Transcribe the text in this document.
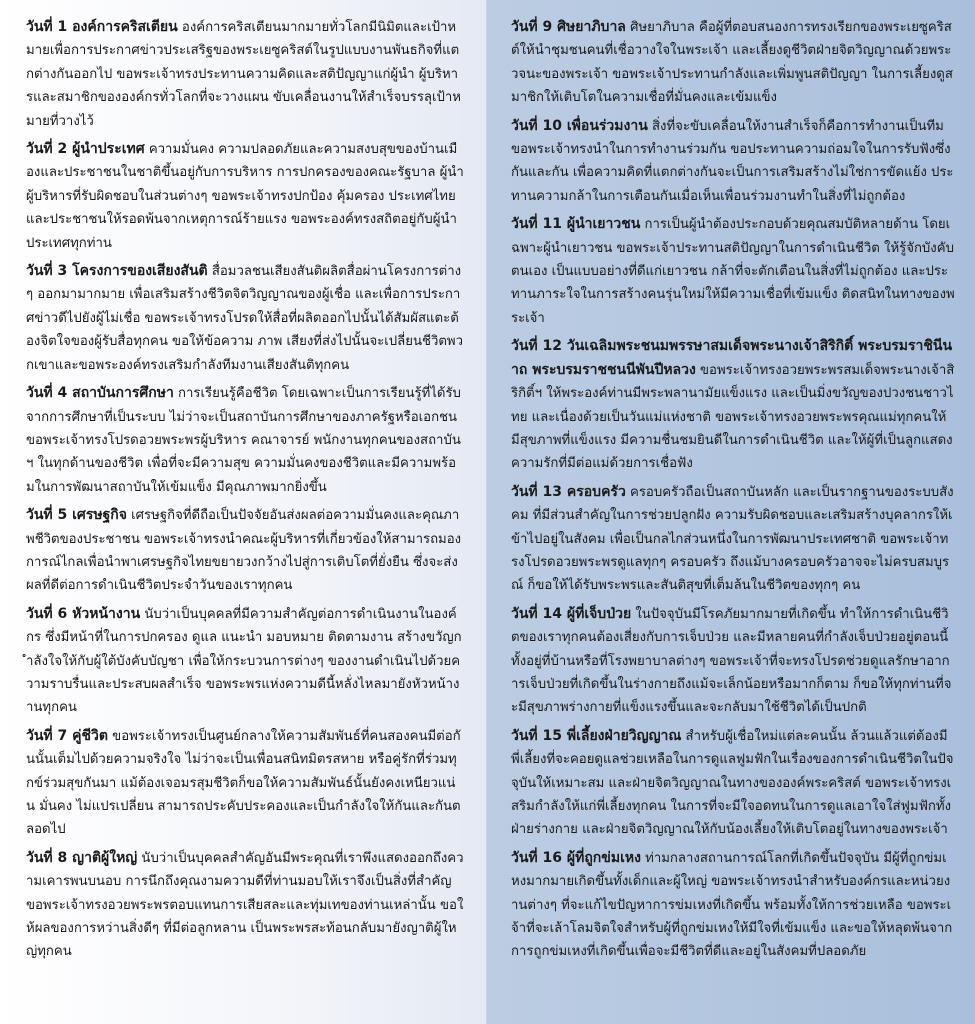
วันที่ 1 องค์การคริสเตียน องค์การคริสเตียนมากมายทั่วโลกมีนิมิตและเป้าหมายเพื่อการประกาศข่าวประเสริฐของพระเยซูคริสต์ในรูปแบบงานพันธกิจที่แตกต่างกันออกไป ขอพระเจ้าทรงประทานความคิดและสติปัญญาแก่ผู้นำ ผู้บริหารและสมาชิกขององค์กรทั่วโลกที่จะวางแผน ขับเคลื่อนงานให้สำเร็จบรรลุเป้าหมายที่วางไว้

วันที่ 2 ผู้นำประเทศ ความมั่นคง ความปลอดภัยและความสงบสุขของบ้านเมืองและประชาชนในชาติขึ้นอยู่กับการบริหาร การปกครองของคณะรัฐบาล ผู้นำผู้บริหารที่รับผิดชอบในส่วนต่างๆ ขอพระเจ้าทรงปกป้อง คุ้มครอง ประเทศไทยและประชาชนให้รอดพ้นจากเหตุการณ์ร้ายแรง ขอพระองค์ทรงสถิตอยู่กับผู้นำประเทศทุกท่าน

วันที่ 3 โครงการของเสียงสันติ สื่อมวลชนเสียงสันติผลิตสื่อผ่านโครงการต่างๆ ออกมามากมาย เพื่อเสริมสร้างชีวิตจิตวิญญาณของผู้เชื่อ และเพื่อการประกาศข่าวดีไปยังผู้ไม่เชื่อ ขอพระเจ้าทรงโปรดให้สื่อที่ผลิตออกไปนั้นได้สัมผัสแตะต้องจิตใจของผู้รับสื่อทุกคน ขอให้ข้อความ ภาพ เสียงที่ส่งไปนั้นจะเปลี่ยนชีวิตพวกเขาและขอพระองค์ทรงเสริมกำลังทีมงานเสียงสันติทุกคน

วันที่ 4 สถาบันการศึกษา การเรียนรู้คือชีวิต โดยเฉพาะเป็นการเรียนรู้ที่ได้รับจากการศึกษาที่เป็นระบบ ไม่ว่าจะเป็นสถาบันการศึกษาของภาครัฐหรือเอกชน ขอพระเจ้าทรงโปรดอวยพระพรผู้บริหาร คณาจารย์ พนักงานทุกคนของสถาบันฯ ในทุกด้านของชีวิต เพื่อที่จะมีความสุข ความมั่นคงของชีวิตและมีความพร้อมในการพัฒนาสถาบันให้เข้มแข็ง มีคุณภาพมากยิ่งขึ้น

วันที่ 5 เศรษฐกิจ เศรษฐกิจที่ดีถือเป็นปัจจัยอันส่งผลต่อความมั่นคงและคุณภาพชีวิตของประชาชน ขอพระเจ้าทรงนำคณะผู้บริหารที่เกี่ยวข้องให้สามารถมองการณ์ไกลเพื่อนำพาเศรษฐกิจไทยขยายวงกว้างไปสู่การเติบโตที่ยั่งยืน ซึ่งจะส่งผลที่ดีต่อการดำเนินชีวิตประจำวันของเราทุกคน

วันที่ 6 หัวหน้างาน นับว่าเป็นบุคคลที่มีความสำคัญต่อการดำเนินงานในองค์กร ซึ่งมีหน้าที่ในการปกครอง ดูแล แนะนำ มอบหมาย ติดตามงาน สร้างขวัญกำลังใจให้กับผู้ใต้บังคับบัญชา เพื่อให้กระบวนการต่างๆ ของงานดำเนินไปด้วยความราบรื่นและประสบผลสำเร็จ ขอพระพรแห่งความดีนี้หลั่งไหลมายังหัวหน้างานทุกคน

วันที่ 7 คู่ชีวิต ขอพระเจ้าทรงเป็นศูนย์กลางให้ความสัมพันธ์ที่คนสองคนมีต่อกันนั้นเต็มไปด้วยความจริงใจ ไม่ว่าจะเป็นเพื่อนสนิทมิตรสหาย หรือคู่รักที่ร่วมทุกข์ร่วมสุขกันมา แม้ต้องเจอมรสุมชีวิตก็ขอให้ความสัมพันธ์นั้นยังคงเหนียวแน่น มั่นคง ไม่แปรเปลี่ยน สามารถประคับประคองและเป็นกำลังใจให้กันและกันตลอดไป

วันที่ 8 ญาติผู้ใหญ่ นับว่าเป็นบุคคลสำคัญอันมีพระคุณที่เราพึงแสดงออกถึงความเคารพนบนอบ การนึกถึงคุณงามความดีที่ท่านมอบให้เราจึงเป็นสิ่งที่สำคัญ ขอพระเจ้าทรงอวยพระพรตอบแทนการเสียสละและทุ่มเทของท่านเหล่านั้น ขอให้ผลของการหว่านสิ่งดีๆ ที่มีต่อลูกหลาน เป็นพระพรสะท้อนกลับมายังญาติผู้ใหญ่ทุกคน

วันที่ 9 ศิษยาภิบาล ศิษยาภิบาล คือผู้ที่ตอบสนองการทรงเรียกของพระเยซูคริสต์ให้นำชุมชนคนที่เชื่อวางใจในพระเจ้า และเลี้ยงดูชีวิตฝ่ายจิตวิญญาณด้วยพระวจนะของพระเจ้า ขอพระเจ้าประทานกำลังและเพิ่มพูนสติปัญญา ในการเลี้ยงดูสมาชิกให้เติบโตในความเชื่อที่มั่นคงและเข้มแข็ง

วันที่ 10 เพื่อนร่วมงาน สิ่งที่จะขับเคลื่อนให้งานสำเร็จก็คือการทำงานเป็นทีม ขอพระเจ้าทรงนำในการทำงานร่วมกัน ขอประทานความถ่อมใจในการรับฟังซึ่งกันและกัน เพื่อความคิดที่แตกต่างกันจะเป็นการเสริมสร้างไม่ใช่การขัดแย้ง ประทานความกล้าในการเตือนกันเมื่อเห็นเพื่อนร่วมงานทำในสิ่งที่ไม่ถูกต้อง

วันที่ 11 ผู้นำเยาวชน การเป็นผู้นำต้องประกอบด้วยคุณสมบัติหลายด้าน โดยเฉพาะผู้นำเยาวชน ขอพระเจ้าประทานสติปัญญาในการดำเนินชีวิต ให้รู้จักบังคับตนเอง เป็นแบบอย่างที่ดีแก่เยาวชน กล้าที่จะตักเตือนในสิ่งที่ไม่ถูกต้อง และประทานภาระใจในการสร้างคนรุ่นใหม่ให้มีความเชื่อที่เข้มแข็ง ติดสนิทในทางของพระเจ้า

วันที่ 12 วันเฉลิมพระชนมพรรษาสมเด็จพระนางเจ้าสิริกิติ์ พระบรมราชินีนาถ พระบรมราชชนนีพันปีหลวง ขอพระเจ้าทรงอวยพระพรสมเด็จพระนางเจ้าสิริกิติ์ฯ ให้พระองค์ท่านมีพระพลานามัยแข็งแรง และเป็นมิ่งขวัญของปวงชนชาวไทย และเนื่องด้วยเป็นวันแม่แห่งชาติ ขอพระเจ้าทรงอวยพระพรคุณแม่ทุกคนให้มีสุขภาพที่แข็งแรง มีความชื่นชมยินดีในการดำเนินชีวิต และให้ผู้ที่เป็นลูกแสดงความรักที่มีต่อแม่ด้วยการเชื่อฟัง

วันที่ 13 ครอบครัว ครอบครัวถือเป็นสถาบันหลัก และเป็นรากฐานของระบบสังคม ที่มีส่วนสำคัญในการช่วยปลูกฝัง ความรับผิดชอบและเสริมสร้างบุคลากรให้เข้าไปอยู่ในสังคม เพื่อเป็นกลไกส่วนหนึ่งในการพัฒนาประเทศชาติ ขอพระเจ้าทรงโปรดอวยพระพรดูแลทุกๆ ครอบครัว ถึงแม้บางครอบครัวอาจจะไม่ครบสมบูรณ์ ก็ขอให้ได้รับพระพรและสันติสุขที่เต็มล้นในชีวิตของทุกๆ คน

วันที่ 14 ผู้ที่เจ็บป่วย ในปัจจุบันมีโรคภัยมากมายที่เกิดขึ้น ทำให้การดำเนินชีวิตของเราทุกคนต้องเสี่ยงกับการเจ็บป่วย และมีหลายคนที่กำลังเจ็บป่วยอยู่ตอนนี้ ทั้งอยู่ที่บ้านหรือที่โรงพยาบาลต่างๆ ขอพระเจ้าที่จะทรงโปรดช่วยดูแลรักษาอาการเจ็บป่วยที่เกิดขึ้นในร่างกายถึงแม้จะเล็กน้อยหรือมากก็ตาม ก็ขอให้ทุกท่านที่จะมีสุขภาพร่างกายที่แข็งแรงขึ้นและจะกลับมาใช้ชีวิตได้เป็นปกติ

วันที่ 15 พี่เลี้ยงฝ่ายวิญญาณ สำหรับผู้เชื่อใหม่แต่ละคนนั้น ล้วนแล้วแต่ต้องมีพี่เลี้ยงที่จะคอยดูแลช่วยเหลือในการดูแลฟูมฟักในเรื่องของการดำเนินชีวิตในปัจจุบันให้เหมาะสม และฝ่ายจิตวิญญาณในทางขององค์พระคริสต์ ขอพระเจ้าทรงเสริมกำลังให้แก่พี่เลี้ยงทุกคน ในการที่จะมีใจอดทนในการดูแลเอาใจใส่ฟูมฟักทั้งฝ่ายร่างกาย และฝ่ายจิตวิญญาณให้กับน้องเลี้ยงให้เติบโตอยู่ในทางของพระเจ้า

วันที่ 16 ผู้ที่ถูกข่มเหง ท่ามกลางสถานการณ์โลกที่เกิดขึ้นปัจจุบัน มีผู้ที่ถูกข่มเหงมากมายเกิดขึ้นทั้งเด็กและผู้ใหญ่ ขอพระเจ้าทรงนำสำหรับองค์กรและหน่วยงานต่างๆ ที่จะแก้ไขปัญหาการข่มเหงที่เกิดขึ้น พร้อมทั้งให้การช่วยเหลือ ขอพระเจ้าที่จะเล้าโลมจิตใจสำหรับผู้ที่ถูกข่มเหงให้มีใจที่เข้มแข็ง และขอให้หลุดพ้นจากการถูกข่มเหงที่เกิดขึ้นเพื่อจะมีชีวิตที่ดีและอยู่ในสังคมที่ปลอดภัย
